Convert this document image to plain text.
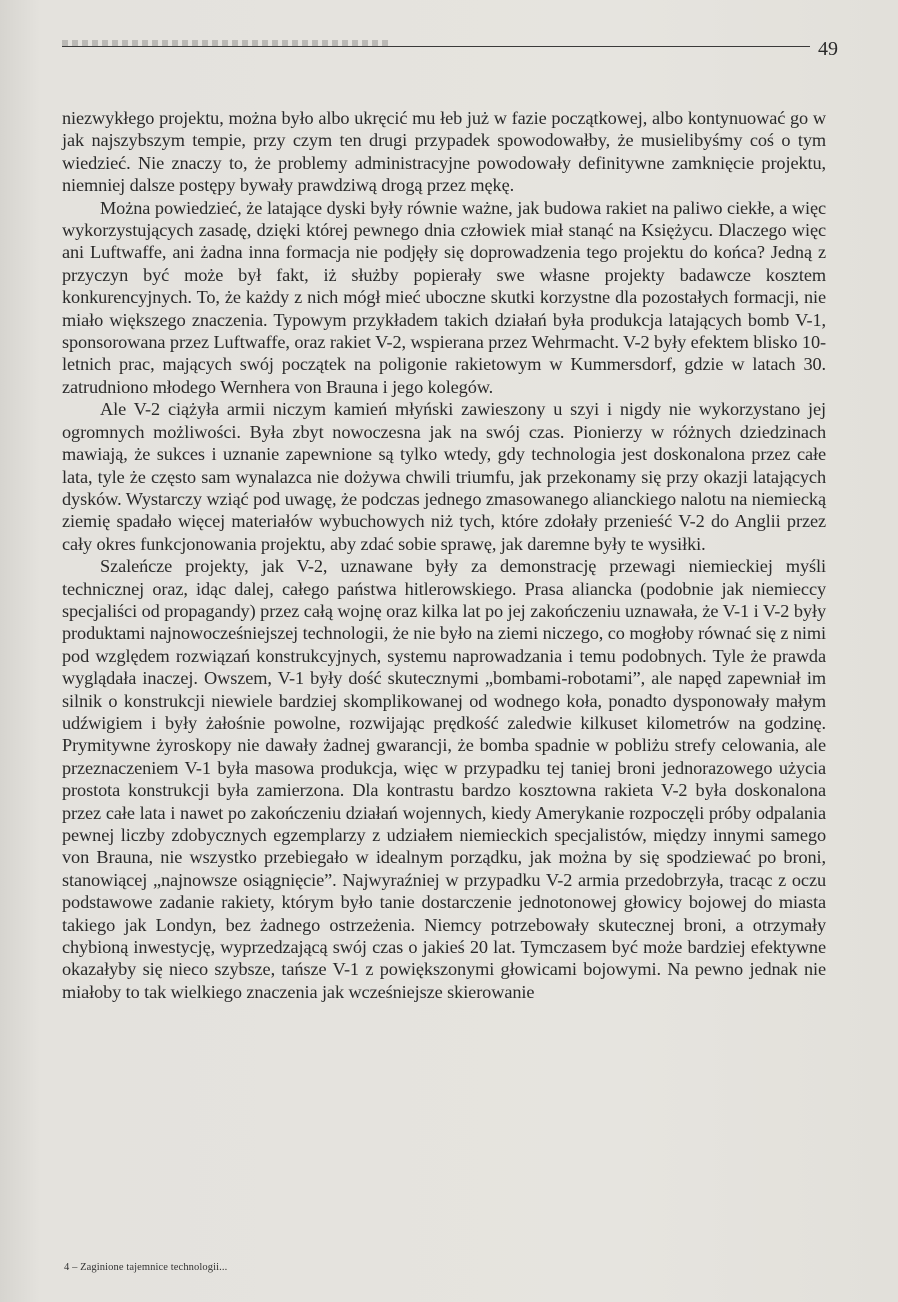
49

niezwykłego projektu, można było albo ukręcić mu łeb już w fazie początkowej, albo kontynuować go w jak najszybszym tempie, przy czym ten drugi przypadek spowodowałby, że musielibyśmy coś o tym wiedzieć. Nie znaczy to, że problemy administracyjne powodowały definitywne zamknięcie projektu, niemniej dalsze postępy bywały prawdziwą drogą przez mękę.

Można powiedzieć, że latające dyski były równie ważne, jak budowa rakiet na paliwo ciekłe, a więc wykorzystujących zasadę, dzięki której pewnego dnia człowiek miał stanąć na Księżycu. Dlaczego więc ani Luftwaffe, ani żadna inna formacja nie podjęły się doprowadzenia tego projektu do końca? Jedną z przyczyn być może był fakt, iż służby popierały swe własne projekty badawcze kosztem konkurencyjnych. To, że każdy z nich mógł mieć uboczne skutki korzystne dla pozostałych formacji, nie miało większego znaczenia. Typowym przykładem takich działań była produkcja latających bomb V-1, sponsorowana przez Luftwaffe, oraz rakiet V-2, wspierana przez Wehrmacht. V-2 były efektem blisko 10-letnich prac, mających swój początek na poligonie rakietowym w Kummersdorf, gdzie w latach 30. zatrudniono młodego Wernhera von Brauna i jego kolegów.

Ale V-2 ciążyła armii niczym kamień młyński zawieszony u szyi i nigdy nie wykorzystano jej ogromnych możliwości. Była zbyt nowoczesna jak na swój czas. Pionierzy w różnych dziedzinach mawiają, że sukces i uznanie zapewnione są tylko wtedy, gdy technologia jest doskonalona przez całe lata, tyle że często sam wynalazca nie dożywa chwili triumfu, jak przekonamy się przy okazji latających dysków. Wystarczy wziąć pod uwagę, że podczas jednego zmasowanego alianckiego nalotu na niemiecką ziemię spadało więcej materiałów wybuchowych niż tych, które zdołały przenieść V-2 do Anglii przez cały okres funkcjonowania projektu, aby zdać sobie sprawę, jak daremne były te wysiłki.

Szaleńcze projekty, jak V-2, uznawane były za demonstrację przewagi niemieckiej myśli technicznej oraz, idąc dalej, całego państwa hitlerowskiego. Prasa aliancka (podobnie jak niemieccy specjaliści od propagandy) przez całą wojnę oraz kilka lat po jej zakończeniu uznawała, że V-1 i V-2 były produktami najnowocześniejszej technologii, że nie było na ziemi niczego, co mogłoby równać się z nimi pod względem rozwiązań konstrukcyjnych, systemu naprowadzania i temu podobnych. Tyle że prawda wyglądała inaczej. Owszem, V-1 były dość skutecznymi „bombami-robotami”, ale napęd zapewniał im silnik o konstrukcji niewiele bardziej skomplikowanej od wodnego koła, ponadto dysponowały małym udźwigiem i były żałośnie powolne, rozwijając prędkość zaledwie kilkuset kilometrów na godzinę. Prymitywne żyroskopy nie dawały żadnej gwarancji, że bomba spadnie w pobliżu strefy celowania, ale przeznaczeniem V-1 była masowa produkcja, więc w przypadku tej taniej broni jednorazowego użycia prostota konstrukcji była zamierzona. Dla kontrastu bardzo kosztowna rakieta V-2 była doskonalona przez całe lata i nawet po zakończeniu działań wojennych, kiedy Amerykanie rozpoczęli próby odpalania pewnej liczby zdobycznych egzemplarzy z udziałem niemieckich specjalistów, między innymi samego von Brauna, nie wszystko przebiegało w idealnym porządku, jak można by się spodziewać po broni, stanowiącej „najnowsze osiągnięcie”. Najwyraźniej w przypadku V-2 armia przedobrzyła, tracąc z oczu podstawowe zadanie rakiety, którym było tanie dostarczenie jednotonowej głowicy bojowej do miasta takiego jak Londyn, bez żadnego ostrzeżenia. Niemcy potrzebowały skutecznej broni, a otrzymały chybioną inwestycję, wyprzedzającą swój czas o jakieś 20 lat. Tymczasem być może bardziej efektywne okazałyby się nieco szybsze, tańsze V-1 z powiększonymi głowicami bojowymi. Na pewno jednak nie miałoby to tak wielkiego znaczenia jak wcześniejsze skierowanie

4 – Zaginione tajemnice technologii...
